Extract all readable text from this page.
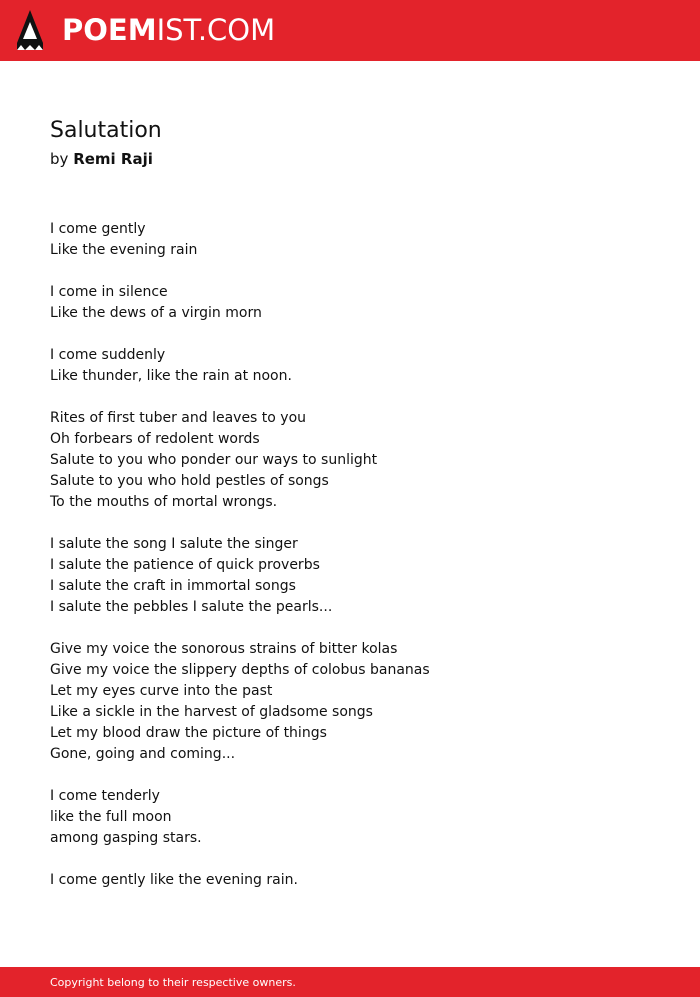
POEMIST.COM
Salutation
by Remi Raji
I come gently
Like the evening rain
I come in silence
Like the dews of a virgin morn
I come suddenly
Like thunder, like the rain at noon.
Rites of first tuber and leaves to you
Oh forbears of redolent words
Salute to you who ponder our ways to sunlight
Salute to you who hold pestles of songs
To the mouths of mortal wrongs.
I salute the song I salute the singer
I salute the patience of quick proverbs
I salute the craft in immortal songs
I salute the pebbles I salute the pearls...
Give my voice the sonorous strains of bitter kolas
Give my voice the slippery depths of colobus bananas
Let my eyes curve into the past
Like a sickle in the harvest of gladsome songs
Let my blood draw the picture of things
Gone, going and coming...
I come tenderly
like the full moon
among gasping stars.
I come gently like the evening rain.
Copyright belong to their respective owners.
